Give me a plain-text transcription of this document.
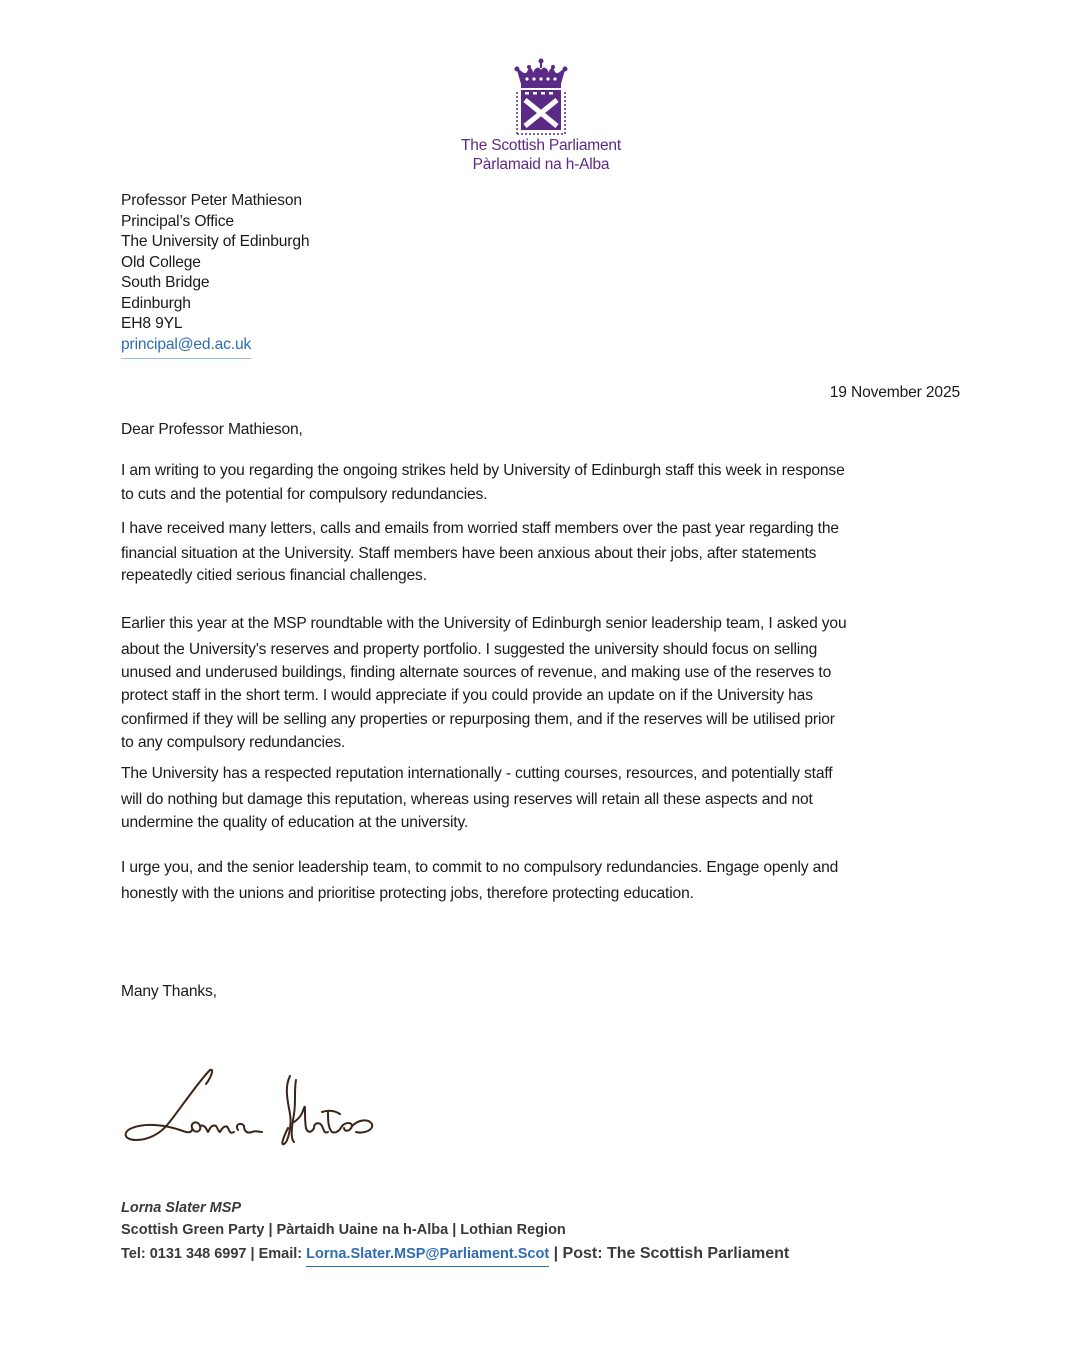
The Scottish Parliament
Pàrlamaid na h-Alba
Professor Peter Mathieson
Principal’s Office
The University of Edinburgh
Old College
South Bridge
Edinburgh
EH8 9YL
principal@ed.ac.uk
19 November 2025
Dear Professor Mathieson,
I am writing to you regarding the ongoing strikes held by University of Edinburgh staff this week in response
to cuts and the potential for compulsory redundancies.
I have received many letters, calls and emails from worried staff members over the past year regarding the
financial situation at the University. Staff members have been anxious about their jobs, after statements
repeatedly citied serious financial challenges.
Earlier this year at the MSP roundtable with the University of Edinburgh senior leadership team, I asked you
about the University's reserves and property portfolio. I suggested the university should focus on selling
unused and underused buildings, finding alternate sources of revenue, and making use of the reserves to
protect staff in the short term. I would appreciate if you could provide an update on if the University has
confirmed if they will be selling any properties or repurposing them, and if the reserves will be utilised prior
to any compulsory redundancies.
The University has a respected reputation internationally - cutting courses, resources, and potentially staff
will do nothing but damage this reputation, whereas using reserves will retain all these aspects and not
undermine the quality of education at the university.
I urge you, and the senior leadership team, to commit to no compulsory redundancies. Engage openly and
honestly with the unions and prioritise protecting jobs, therefore protecting education.
Many Thanks,
Lorna Slater MSP
Scottish Green Party | Pàrtaidh Uaine na h-Alba | Lothian Region
Tel: 0131 348 6997 | Email: Lorna.Slater.MSP@Parliament.Scot | Post: The Scottish Parliament
